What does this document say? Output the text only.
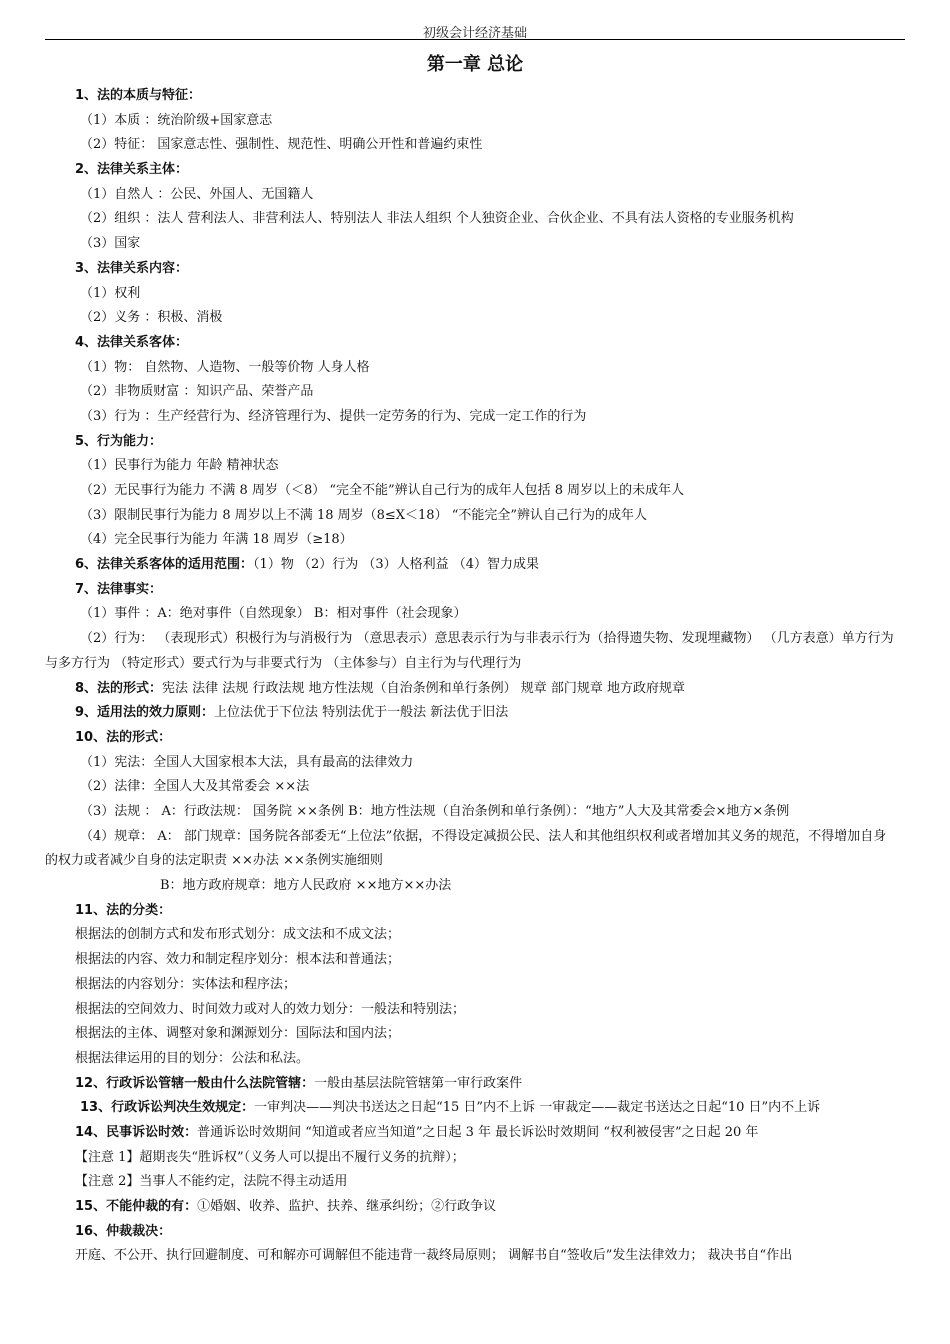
初级会计经济基础
第一章 总论
1、法的本质与特征：
（1）本质 ：统治阶级+国家意志
（2）特征： 国家意志性、强制性、规范性、明确公开性和普遍约束性
2、法律关系主体：
（1）自然人 ：公民、外国人、无国籍人
（2）组织 ：法人 营利法人、非营利法人、特别法人 非法人组织 个人独资企业、合伙企业、不具有法人资格的专业服务机构
（3）国家
3、法律关系内容：
（1）权利
（2）义务 ：积极、消极
4、法律关系客体：
（1）物： 自然物、人造物、一般等价物 人身人格
（2）非物质财富 ：知识产品、荣誉产品
（3）行为 ：生产经营行为、经济管理行为、提供一定劳务的行为、完成一定工作的行为
5、行为能力：
（1）民事行为能力 年龄 精神状态
（2）无民事行为能力 不满 8 周岁（＜8） “完全不能”辨认自己行为的成年人包括 8 周岁以上的未成年人
（3）限制民事行为能力 8 周岁以上不满 18 周岁（8≤X＜18） “不能完全”辨认自己行为的成年人
（4）完全民事行为能力 年满 18 周岁（≥18）
6、法律关系客体的适用范围：（1）物 （2）行为 （3）人格利益 （4）智力成果
7、法律事实：
（1）事件 ：A：绝对事件（自然现象） B：相对事件（社会现象）
（2）行为： （表现形式）积极行为与消极行为 （意思表示）意思表示行为与非表示行为（拾得遗失物、发现埋藏物） （几方表意）单方行为与多方行为 （特定形式）要式行为与非要式行为 （主体参与）自主行为与代理行为
8、法的形式：宪法 法律 法规 行政法规 地方性法规（自治条例和单行条例） 规章 部门规章 地方政府规章
9、适用法的效力原则：上位法优于下位法 特别法优于一般法 新法优于旧法
10、法的形式：
（1）宪法：全国人大国家根本大法，具有最高的法律效力
（2）法律：全国人大及其常委会 ××法
（3）法规 ： A：行政法规： 国务院 ××条例 B：地方性法规（自治条例和单行条例）：“地方”人大及其常委会×地方×条例
（4）规章： A： 部门规章：国务院各部委无“上位法”依据，不得设定减损公民、法人和其他组织权利或者增加其义务的规范，不得增加自身的权力或者减少自身的法定职责 ××办法 ××条例实施细则
B：地方政府规章：地方人民政府 ××地方××办法
11、法的分类：
根据法的创制方式和发布形式划分：成文法和不成文法；
根据法的内容、效力和制定程序划分：根本法和普通法；
根据法的内容划分：实体法和程序法；
根据法的空间效力、时间效力或对人的效力划分：一般法和特别法；
根据法的主体、调整对象和渊源划分：国际法和国内法；
根据法律运用的目的划分：公法和私法。
12、行政诉讼管辖一般由什么法院管辖：一般由基层法院管辖第一审行政案件
13、行政诉讼判决生效规定：一审判决——判决书送达之日起“15 日”内不上诉 一审裁定——裁定书送达之日起“10 日”内不上诉
14、民事诉讼时效：普通诉讼时效期间 “知道或者应当知道”之日起 3 年 最长诉讼时效期间 “权利被侵害”之日起 20 年
【注意 1】超期丧失“胜诉权”（义务人可以提出不履行义务的抗辩）；
【注意 2】当事人不能约定，法院不得主动适用
15、不能仲裁的有：①婚姻、收养、监护、扶养、继承纠纷；②行政争议
16、仲裁裁决：
开庭、不公开、执行回避制度、可和解亦可调解但不能违背一裁终局原则； 调解书自“签收后”发生法律效力； 裁决书自“作出
